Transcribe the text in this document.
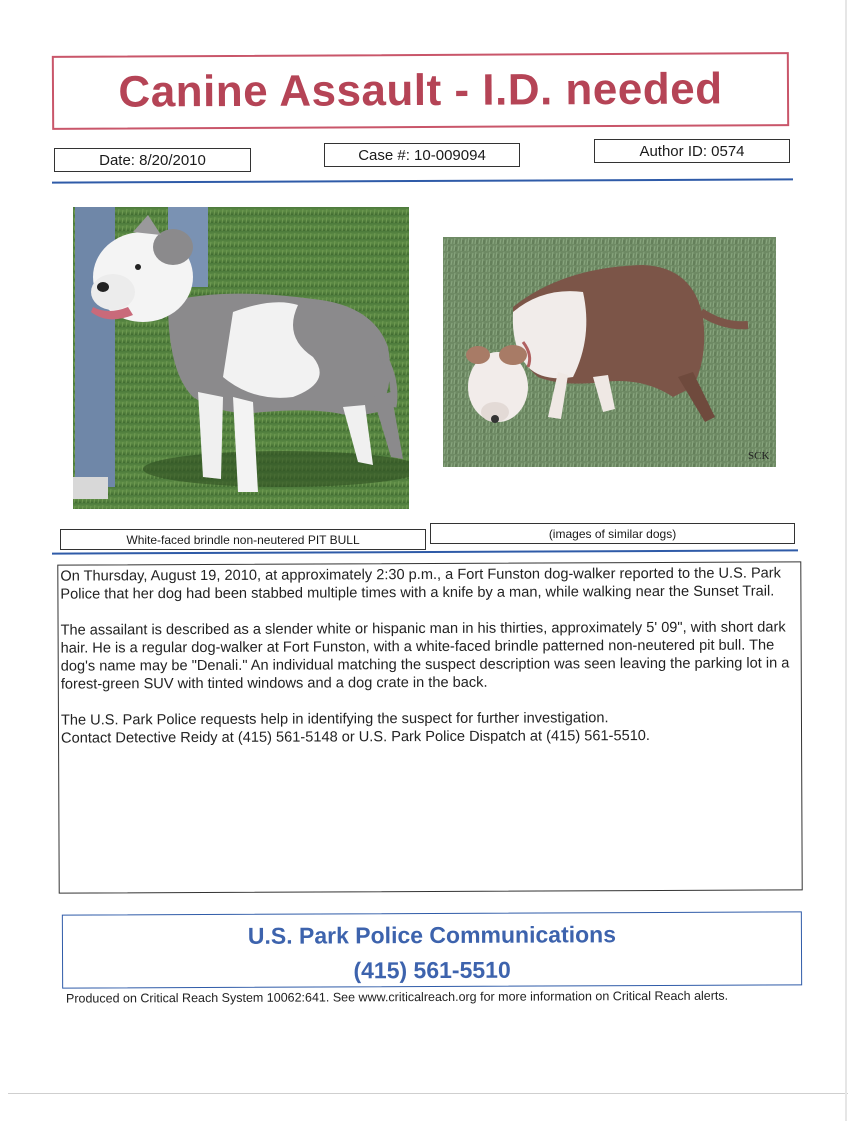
Canine Assault - I.D. needed
Date: 8/20/2010	Case #: 10-009094	Author ID: 0574
SCK
White-faced brindle non-neutered PIT BULL	(images of similar dogs)

On Thursday, August 19, 2010, at approximately 2:30 p.m., a Fort Funston dog-walker reported to the U.S. Park Police that her dog had been stabbed multiple times with a knife by a man, while walking near the Sunset Trail.

The assailant is described as a slender white or hispanic man in his thirties, approximately 5' 09", with short dark hair. He is a regular dog-walker at Fort Funston, with a white-faced brindle patterned non-neutered pit bull. The dog's name may be "Denali." An individual matching the suspect description was seen leaving the parking lot in a forest-green SUV with tinted windows and a dog crate in the back.

The U.S. Park Police requests help in identifying the suspect for further investigation.

Contact Detective Reidy at (415) 561-5148 or U.S. Park Police Dispatch at (415) 561-5510.

U.S. Park Police Communications
(415) 561-5510
Produced on Critical Reach System 10062:641. See www.criticalreach.org for more information on Critical Reach alerts.
